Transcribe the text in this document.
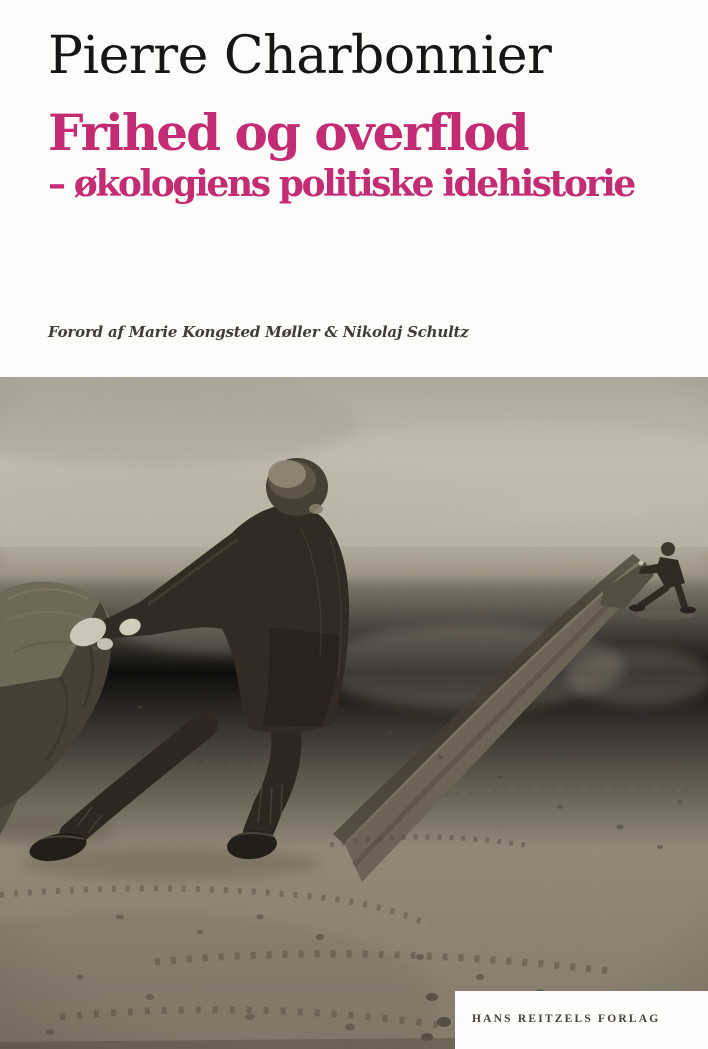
Pierre Charbonnier
Frihed og overflod
– økologiens politiske idehistorie
Forord af Marie Kongsted Møller & Nikolaj Schultz
HANS REITZELS FORLAG
